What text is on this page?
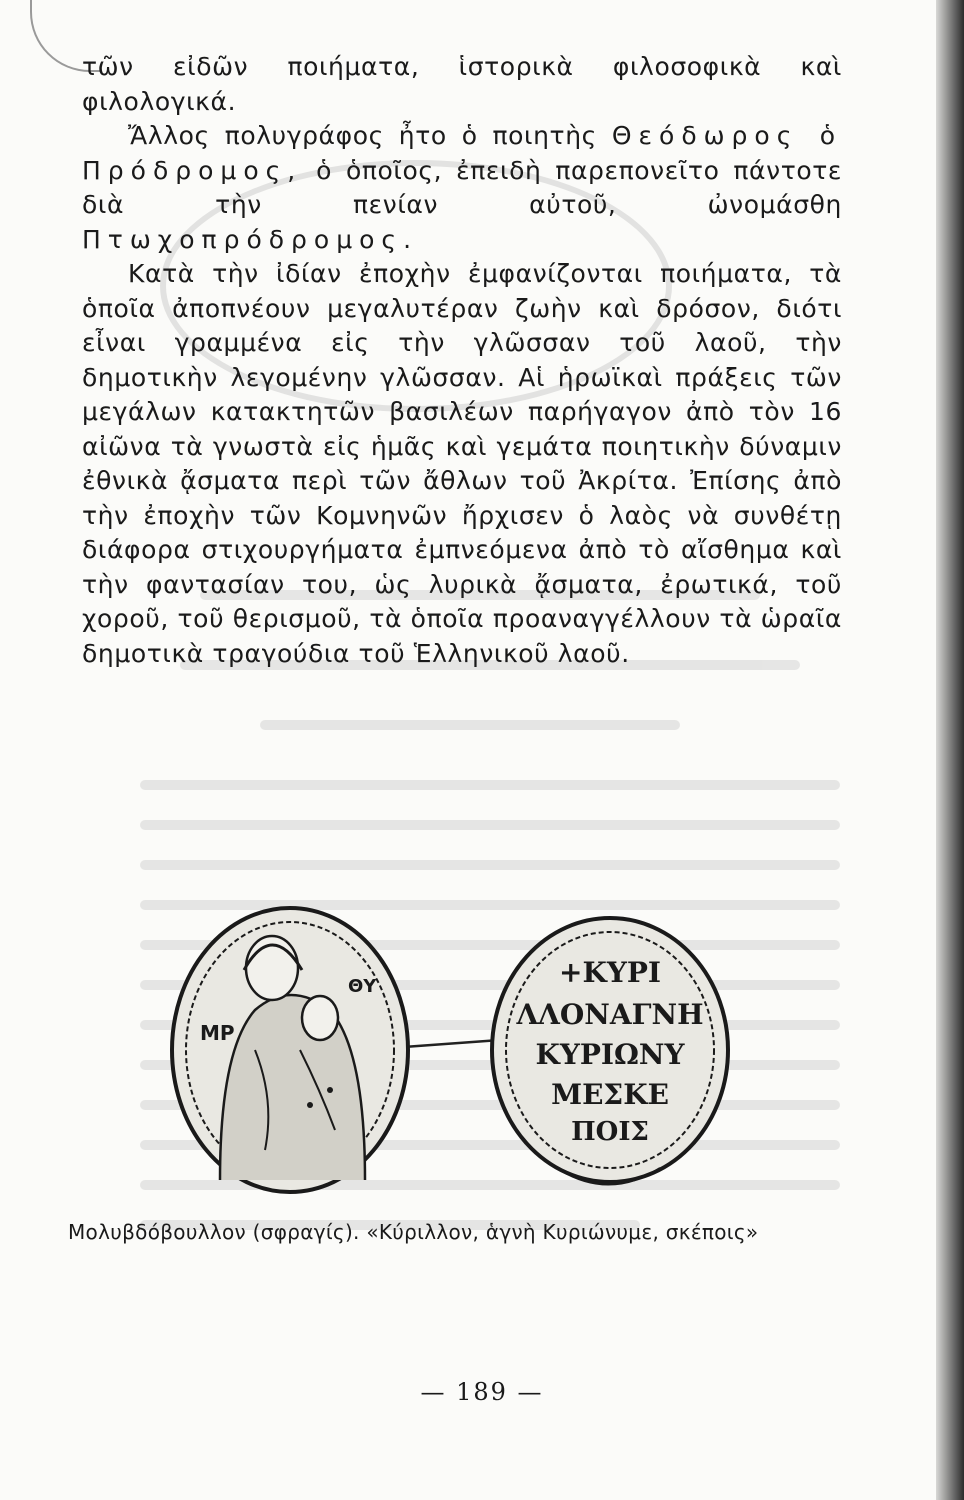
τῶν εἰδῶν ποιήματα, ἱστορικὰ φιλοσοφικὰ καὶ φιλολογικά.

Ἄλλος πολυγράφος ἦτο ὁ ποιητὴς Θεόδωρος ὁ Πρόδρομος, ὁ ὁποῖος, ἐπειδὴ παρεπονεῖτο πάντοτε διὰ τὴν πενίαν αὐτοῦ, ὠνομάσθη Πτωχοπρόδρομος.

Κατὰ τὴν ἰδίαν ἐποχὴν ἐμφανίζονται ποιήματα, τὰ ὁποῖα ἀποπνέουν μεγαλυτέραν ζωὴν καὶ δρόσον, διότι εἶναι γραμμένα εἰς τὴν γλῶσσαν τοῦ λαοῦ, τὴν δημοτικὴν λεγομένην γλῶσσαν. Αἱ ἡρωϊκαὶ πράξεις τῶν μεγάλων κατακτητῶν βασιλέων παρήγαγον ἀπὸ τὸν 16 αἰῶνα τὰ γνωστὰ εἰς ἡμᾶς καὶ γεμάτα ποιητικὴν δύναμιν ἐθνικὰ ᾄσματα περὶ τῶν ἄθλων τοῦ Ἀκρίτα. Ἐπίσης ἀπὸ τὴν ἐποχὴν τῶν Κομνηνῶν ἤρχισεν ὁ λαὸς νὰ συνθέτῃ διάφορα στιχουργήματα ἐμπνεόμενα ἀπὸ τὸ αἴσθημα καὶ τὴν φαντασίαν του, ὡς λυρικὰ ᾄσματα, ἐρωτικά, τοῦ χοροῦ, τοῦ θερισμοῦ, τὰ ὁποῖα προαναγγέλλουν τὰ ὡραῖα δημοτικὰ τραγούδια τοῦ Ἑλληνικοῦ λαοῦ.

ΜΡ
ΘΥ	+ΚΥΡΙ
ΛΛΟΝΑΓΝΗ
ΚΥΡΙΩΝΥ
ΜΕΣΚΕ
ΠΟΙΣ
Μολυβδόβουλλον (σφραγίς). «Κύριλλον, ἁγνὴ Κυριώνυμε, σκέποις»
— 189 —
